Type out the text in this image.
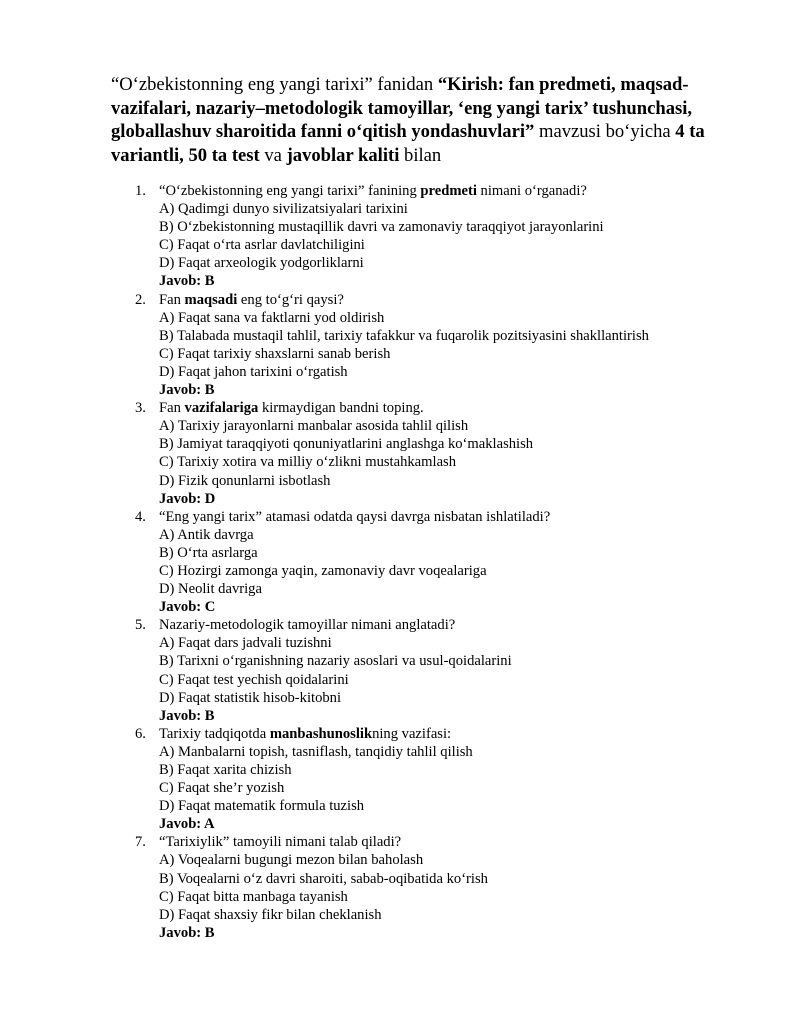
“O‘zbekistonning eng yangi tarixi” fanidan “Kirish: fan predmeti, maqsad-vazifalari, nazariy–metodologik tamoyillar, ‘eng yangi tarix’ tushunchasi, globallashuv sharoitida fanni o‘qitish yondashuvlari” mavzusi bo‘yicha 4 ta variantli, 50 ta test va javoblar kaliti bilan
1. “O‘zbekistonning eng yangi tarixi” fanining predmeti nimani o‘rganadi?
A) Qadimgi dunyo sivilizatsiyalari tarixini
B) O‘zbekistonning mustaqillik davri va zamonaviy taraqqiyot jarayonlarini
C) Faqat o‘rta asrlar davlatchiligini
D) Faqat arxeologik yodgorliklarni
Javob: B
2. Fan maqsadi eng to‘g‘ri qaysi?
A) Faqat sana va faktlarni yod oldirish
B) Talabada mustaqil tahlil, tarixiy tafakkur va fuqarolik pozitsiyasini shakllantirish
C) Faqat tarixiy shaxslarni sanab berish
D) Faqat jahon tarixini o‘rgatish
Javob: B
3. Fan vazifalariga kirmaydigan bandni toping.
A) Tarixiy jarayonlarni manbalar asosida tahlil qilish
B) Jamiyat taraqqiyoti qonuniyatlarini anglashga ko‘maklashish
C) Tarixiy xotira va milliy o‘zlikni mustahkamlash
D) Fizik qonunlarni isbotlash
Javob: D
4. “Eng yangi tarix” atamasi odatda qaysi davrga nisbatan ishlatiladi?
A) Antik davrga
B) O‘rta asrlarga
C) Hozirgi zamonga yaqin, zamonaviy davr voqealariga
D) Neolit davriga
Javob: C
5. Nazariy-metodologik tamoyillar nimani anglatadi?
A) Faqat dars jadvali tuzishni
B) Tarixni o‘rganishning nazariy asoslari va usul-qoidalarini
C) Faqat test yechish qoidalarini
D) Faqat statistik hisob-kitobni
Javob: B
6. Tarixiy tadqiqotda manbashunoslikning vazifasi:
A) Manbalarni topish, tasniflash, tanqidiy tahlil qilish
B) Faqat xarita chizish
C) Faqat she’r yozish
D) Faqat matematik formula tuzish
Javob: A
7. “Tarixiylik” tamoyili nimani talab qiladi?
A) Voqealarni bugungi mezon bilan baholash
B) Voqealarni o‘z davri sharoiti, sabab-oqibatida ko‘rish
C) Faqat bitta manbaga tayanish
D) Faqat shaxsiy fikr bilan cheklanish
Javob: B
